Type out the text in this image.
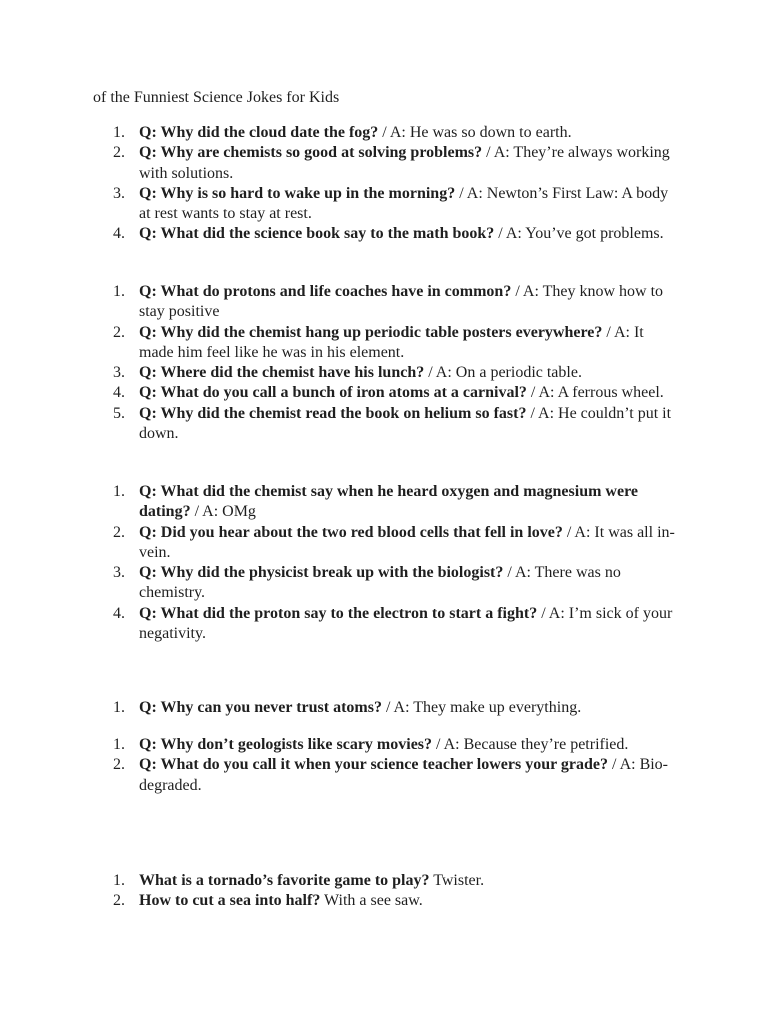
of the Funniest Science Jokes for Kids
1. Q: Why did the cloud date the fog? / A: He was so down to earth.
2. Q: Why are chemists so good at solving problems? / A: They’re always working with solutions.
3. Q: Why is so hard to wake up in the morning? / A: Newton’s First Law: A body at rest wants to stay at rest.
4. Q: What did the science book say to the math book? / A: You’ve got problems.
1. Q: What do protons and life coaches have in common? / A: They know how to stay positive
2. Q: Why did the chemist hang up periodic table posters everywhere? / A: It made him feel like he was in his element.
3. Q: Where did the chemist have his lunch? / A: On a periodic table.
4. Q: What do you call a bunch of iron atoms at a carnival? / A: A ferrous wheel.
5. Q: Why did the chemist read the book on helium so fast? / A: He couldn’t put it down.
1. Q: What did the chemist say when he heard oxygen and magnesium were dating? / A: OMg
2. Q: Did you hear about the two red blood cells that fell in love? / A: It was all in-vein.
3. Q: Why did the physicist break up with the biologist? / A: There was no chemistry.
4. Q: What did the proton say to the electron to start a fight? / A: I’m sick of your negativity.
1. Q: Why can you never trust atoms? / A: They make up everything.
1. Q: Why don’t geologists like scary movies? / A: Because they’re petrified.
2. Q: What do you call it when your science teacher lowers your grade? / A: Bio-degraded.
1. What is a tornado’s favorite game to play? Twister.
2. How to cut a sea into half? With a see saw.
